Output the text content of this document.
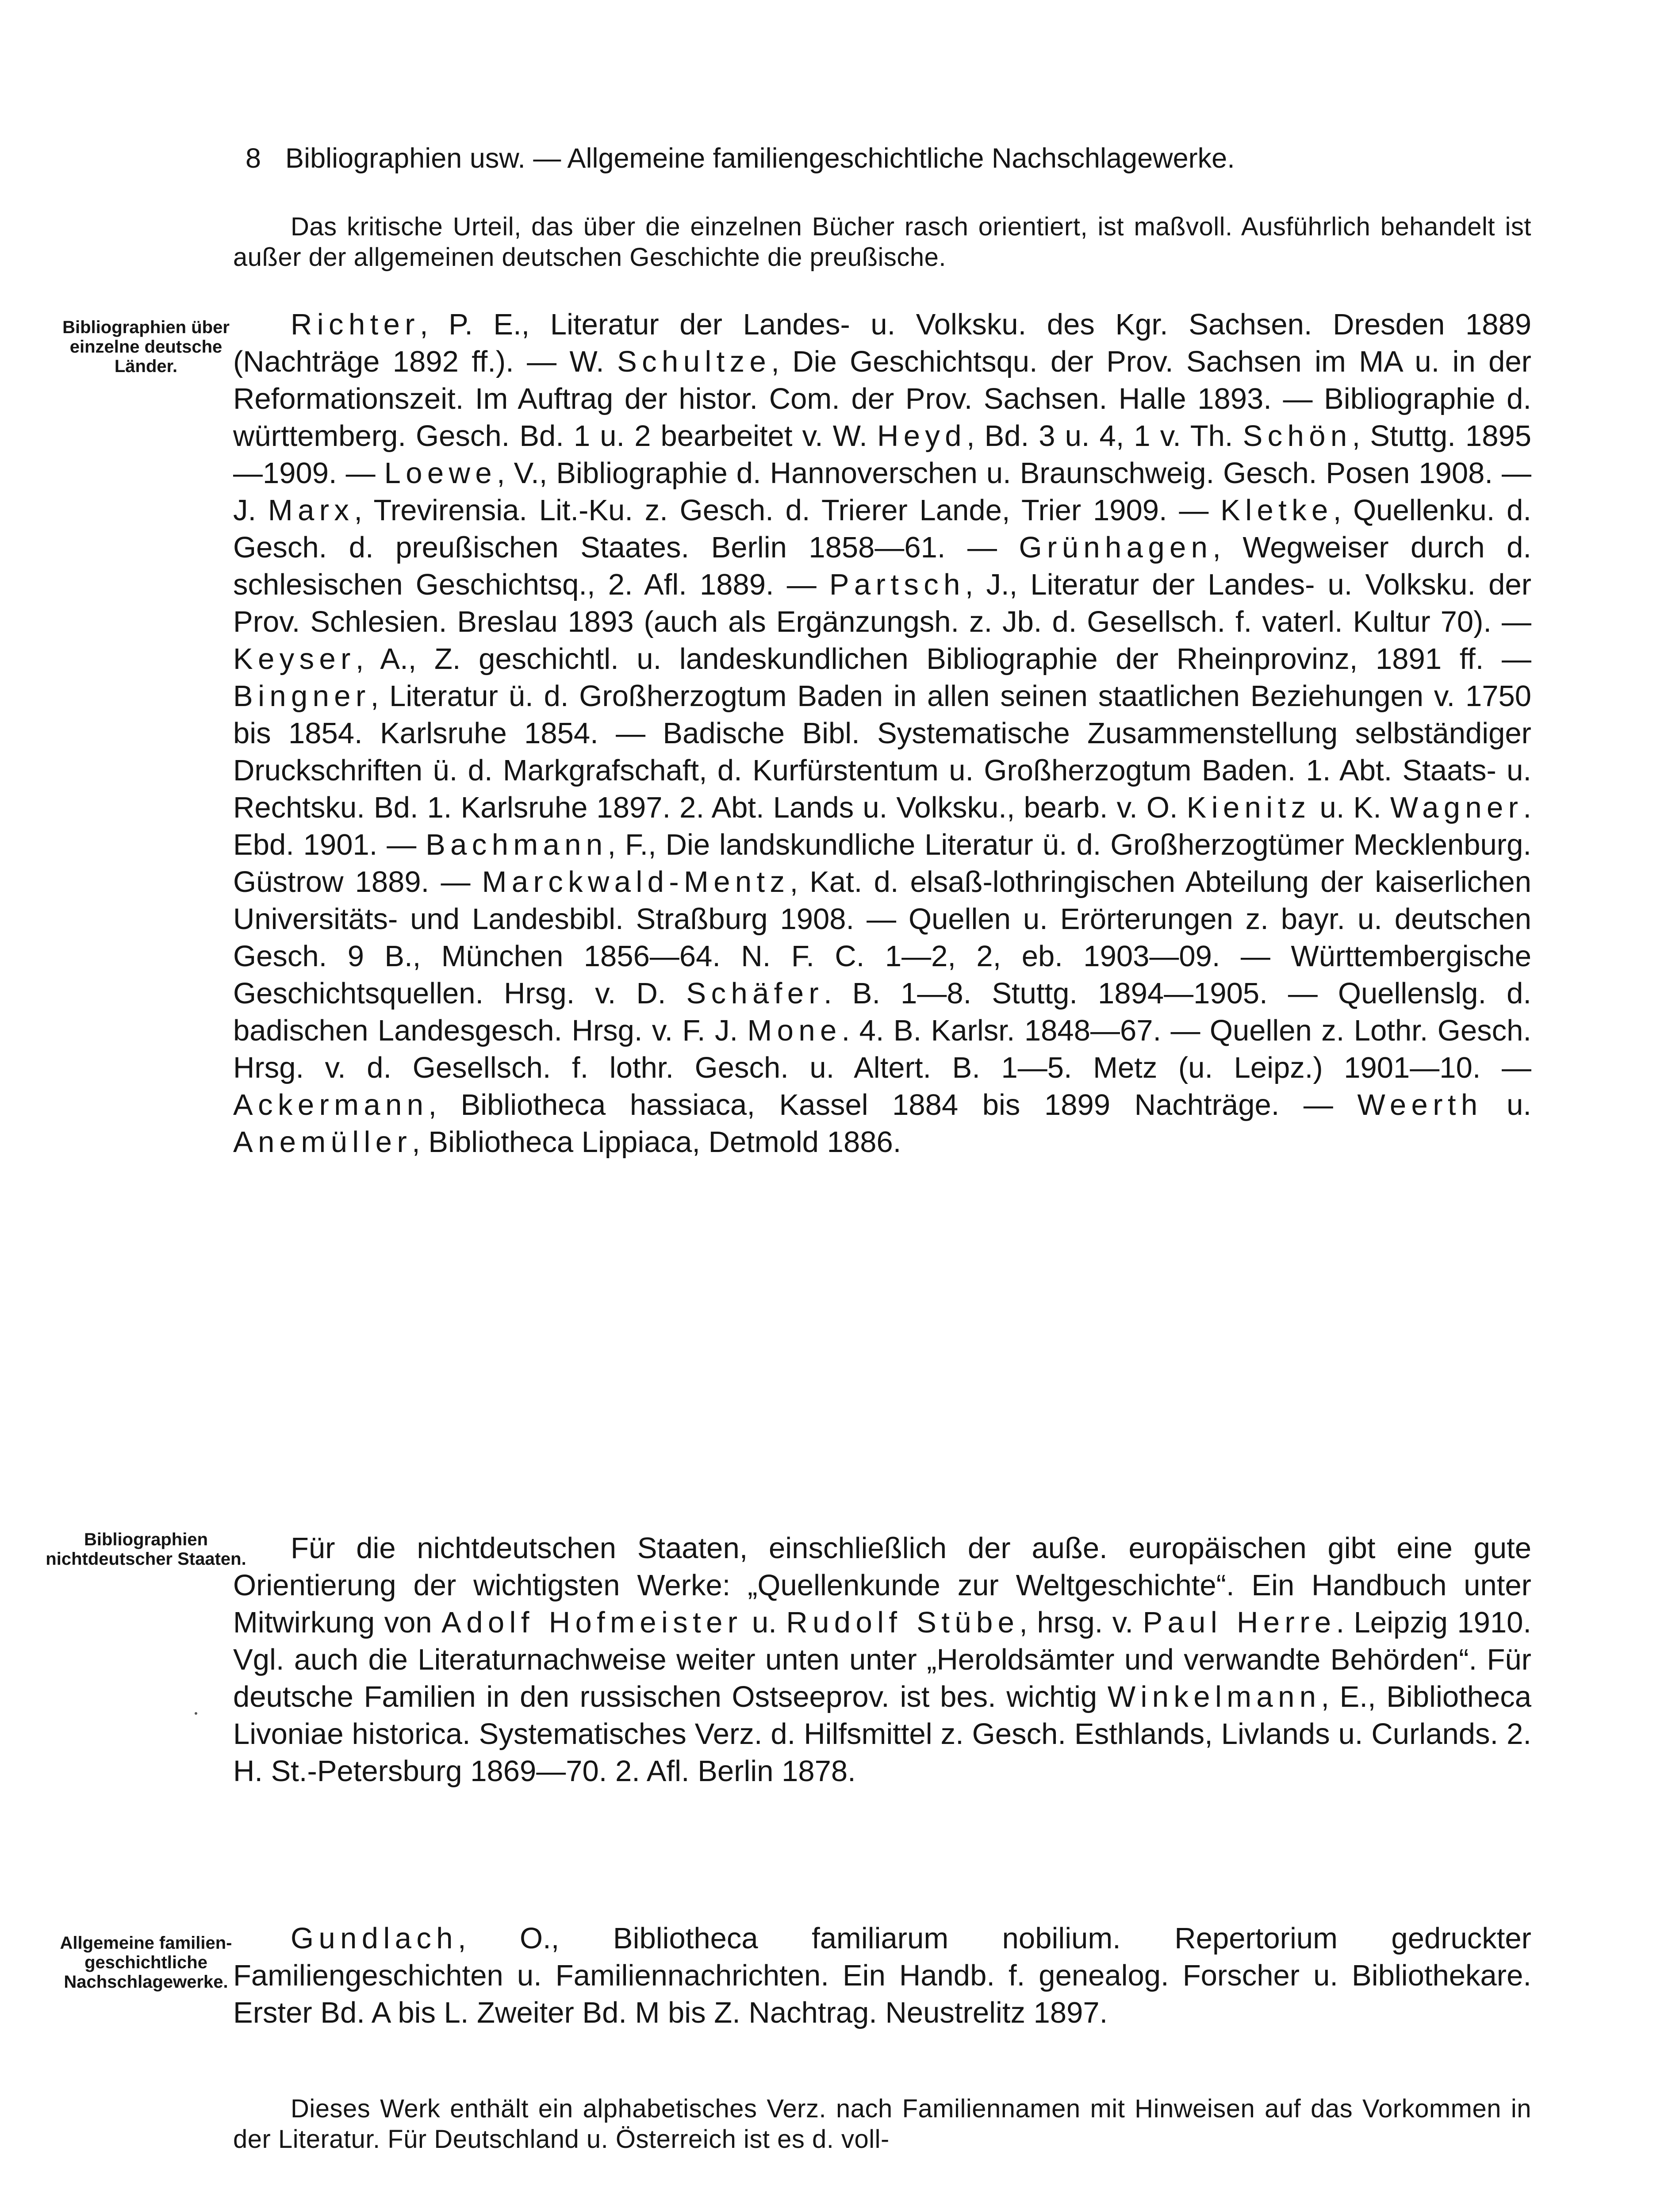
8 Bibliographien usw. — Allgemeine familiengeschichtliche Nachschlagewerke.
Das kritische Urteil, das über die einzelnen Bücher rasch orientiert, ist maßvoll. Ausführlich behandelt ist außer der allgemeinen deutschen Geschichte die preußische.
Bibliographien über einzelne deutsche Länder.
Richter, P. E., Literatur der Landes- u. Volksku. des Kgr. Sachsen. Dresden 1889 (Nachträge 1892 ff.). — W. Schultze, Die Geschichtsqu. der Prov. Sachsen im MA u. in der Reformationszeit. Im Auftrag der histor. Com. der Prov. Sachsen. Halle 1893. — Bibliographie d. württemberg. Gesch. Bd. 1 u. 2 bearbeitet v. W. Heyd, Bd. 3 u. 4, 1 v. Th. Schön, Stuttg. 1895—1909. — Loewe, V., Bibliographie d. Hannoverschen u. Braunschweig. Gesch. Posen 1908. — J. Marx, Trevirensia. Lit.-Ku. z. Gesch. d. Trierer Lande, Trier 1909. — Kletke, Quellenku. d. Gesch. d. preußischen Staates. Berlin 1858—61. — Grünhagen, Wegweiser durch d. schlesischen Geschichtsq., 2. Afl. 1889. — Partsch, J., Literatur der Landes- u. Volksku. der Prov. Schlesien. Breslau 1893 (auch als Ergänzungsh. z. Jb. d. Gesellsch. f. vaterl. Kultur 70). — Keyser, A., Z. geschichtl. u. landeskundlichen Bibliographie der Rheinprovinz, 1891 ff. — Bingner, Literatur ü. d. Großherzogtum Baden in allen seinen staatlichen Beziehungen v. 1750 bis 1854. Karlsruhe 1854. — Badische Bibl. Systematische Zusammenstellung selbständiger Druckschriften ü. d. Markgrafschaft, d. Kurfürstentum u. Großherzogtum Baden. 1. Abt. Staats- u. Rechtsku. Bd. 1. Karlsruhe 1897. 2. Abt. Lands u. Volksku., bearb. v. O. Kienitz u. K. Wagner. Ebd. 1901. — Bachmann, F., Die landskundliche Literatur ü. d. Großherzogtümer Mecklenburg. Güstrow 1889. — Marckwald-Mentz, Kat. d. elsaß-lothringischen Abteilung der kaiserlichen Universitäts- und Landesbibl. Straßburg 1908. — Quellen u. Erörterungen z. bayr. u. deutschen Gesch. 9 B., München 1856—64. N. F. C. 1—2, 2, eb. 1903—09. — Württembergische Geschichtsquellen. Hrsg. v. D. Schäfer. B. 1—8. Stuttg. 1894—1905. — Quellenslg. d. badischen Landesgesch. Hrsg. v. F. J. Mone. 4. B. Karlsr. 1848—67. — Quellen z. Lothr. Gesch. Hrsg. v. d. Gesellsch. f. lothr. Gesch. u. Altert. B. 1—5. Metz (u. Leipz.) 1901—10. — Ackermann, Bibliotheca hassiaca, Kassel 1884 bis 1899 Nachträge. — Weerth u. Anemüller, Bibliotheca Lippiaca, Detmold 1886.
Bibliographien nichtdeutscher Staaten.	Für die nichtdeutschen Staaten, einschließlich der auße. europäischen gibt eine gute Orientierung der wichtigsten Werke: „Quellenkunde zur Weltgeschichte“. Ein Handbuch unter Mitwirkung von Adolf Hofmeister u. Rudolf Stübe, hrsg. v. Paul Herre. Leipzig 1910. Vgl. auch die Literaturnachweise weiter unten unter „Heroldsämter und verwandte Behörden“. Für deutsche Familien in den russischen Ostseeprov. ist bes. wichtig Winkelmann, E., Bibliotheca Livoniae historica. Systematisches Verz. d. Hilfsmittel z. Gesch. Esthlands, Livlands u. Curlands. 2. H. St.-Petersburg 1869—70. 2. Afl. Berlin 1878.
Allgemeine familiengeschichtliche Nachschlagewerke.
Gundlach, O., Bibliotheca familiarum nobilium. Repertorium gedruckter Familiengeschichten u. Familiennachrichten. Ein Handb. f. genealog. Forscher u. Bibliothekare. Erster Bd. A bis L. Zweiter Bd. M bis Z. Nachtrag. Neustrelitz 1897.
Dieses Werk enthält ein alphabetisches Verz. nach Familiennamen mit Hinweisen auf das Vorkommen in der Literatur. Für Deutschland u. Österreich ist es d. voll-
